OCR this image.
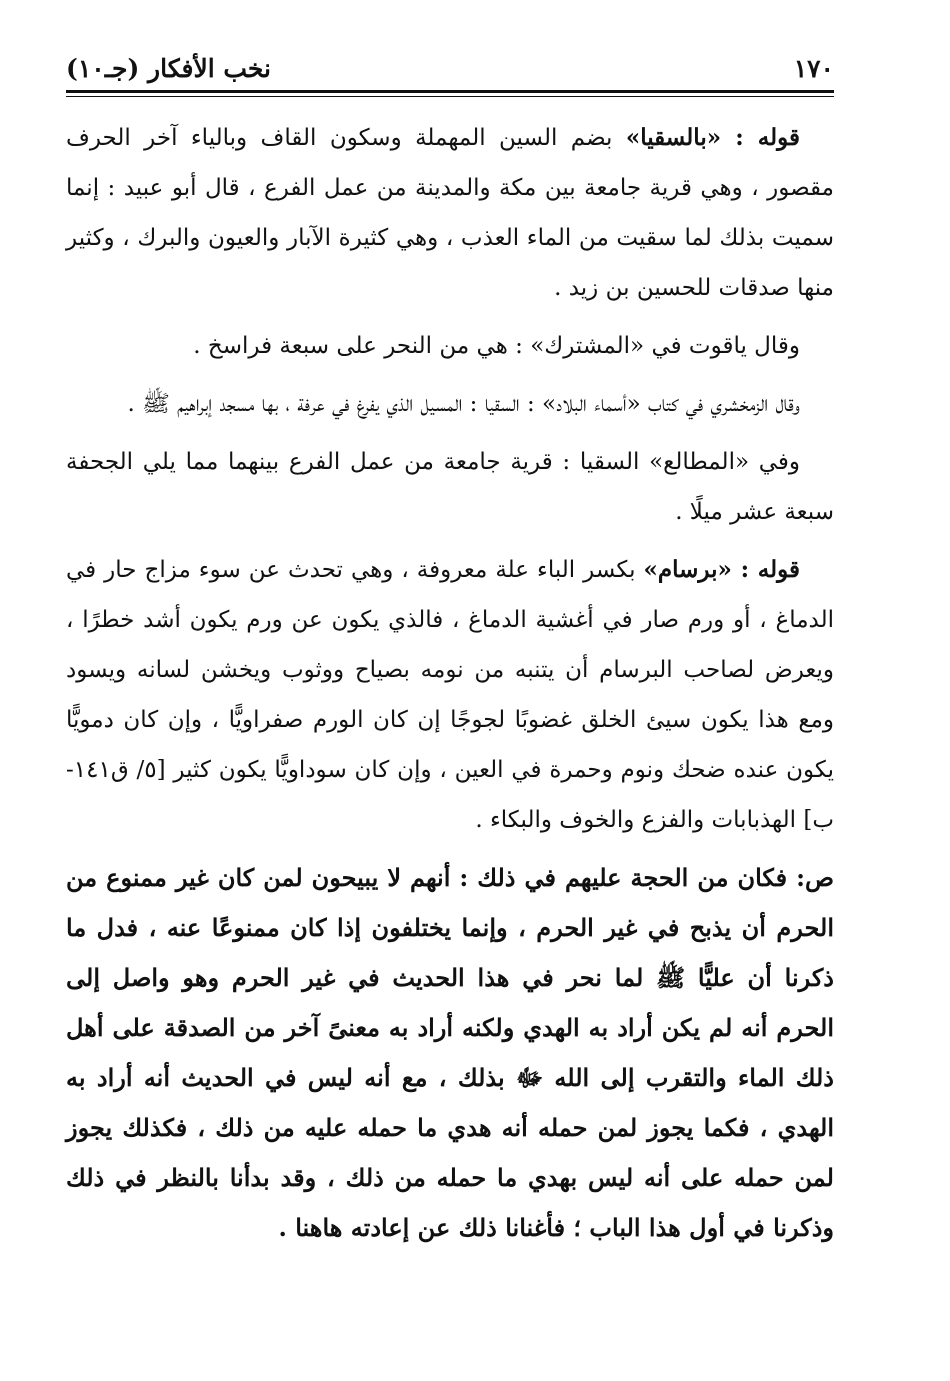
١٧٠
نخب الأفكار (جـ١٠)

قوله : «بالسقيا» بضم السين المهملة وسكون القاف وبالياء آخر الحرف مقصور ، وهي قرية جامعة بين مكة والمدينة من عمل الفرع ، قال أبو عبيد : إنما سميت بذلك لما سقيت من الماء العذب ، وهي كثيرة الآبار والعيون والبرك ، وكثير منها صدقات للحسين بن زيد .

وقال ياقوت في «المشترك» : هي من النحر على سبعة فراسخ .

وقال الزمخشري في كتاب «أسماء البلاد» : السقيا : المسيل الذي يفرغ في عرفة ، بها مسجد إبراهيم ﷺ .

وفي «المطالع» السقيا : قرية جامعة من عمل الفرع بينهما مما يلي الجحفة سبعة عشر ميلًا .

قوله : «برسام» بكسر الباء علة معروفة ، وهي تحدث عن سوء مزاج حار في الدماغ ، أو ورم صار في أغشية الدماغ ، فالذي يكون عن ورم يكون أشد خطرًا ، ويعرض لصاحب البرسام أن يتنبه من نومه بصياح ووثوب ويخشن لسانه ويسود ومع هذا يكون سيئ الخلق غضوبًا لجوجًا إن كان الورم صفراويًّا ، وإن كان دمويًّا يكون عنده ضحك ونوم وحمرة في العين ، وإن كان سوداويًّا يكون كثير [٥/ ق١٤١-ب] الهذبابات والفزع والخوف والبكاء .

ص: فكان من الحجة عليهم في ذلك : أنهم لا يبيحون لمن كان غير ممنوع من الحرم أن يذبح في غير الحرم ، وإنما يختلفون إذا كان ممنوعًا عنه ، فدل ما ذكرنا أن عليًّا ﷺ لما نحر في هذا الحديث في غير الحرم وهو واصل إلى الحرم أنه لم يكن أراد به الهدي ولكنه أراد به معنىً آخر من الصدقة على أهل ذلك الماء والتقرب إلى الله ﷻ بذلك ، مع أنه ليس في الحديث أنه أراد به الهدي ، فكما يجوز لمن حمله أنه هدي ما حمله عليه من ذلك ، فكذلك يجوز لمن حمله على أنه ليس بهدي ما حمله من ذلك ، وقد بدأنا بالنظر في ذلك وذكرنا في أول هذا الباب ؛ فأغنانا ذلك عن إعادته هاهنا .
